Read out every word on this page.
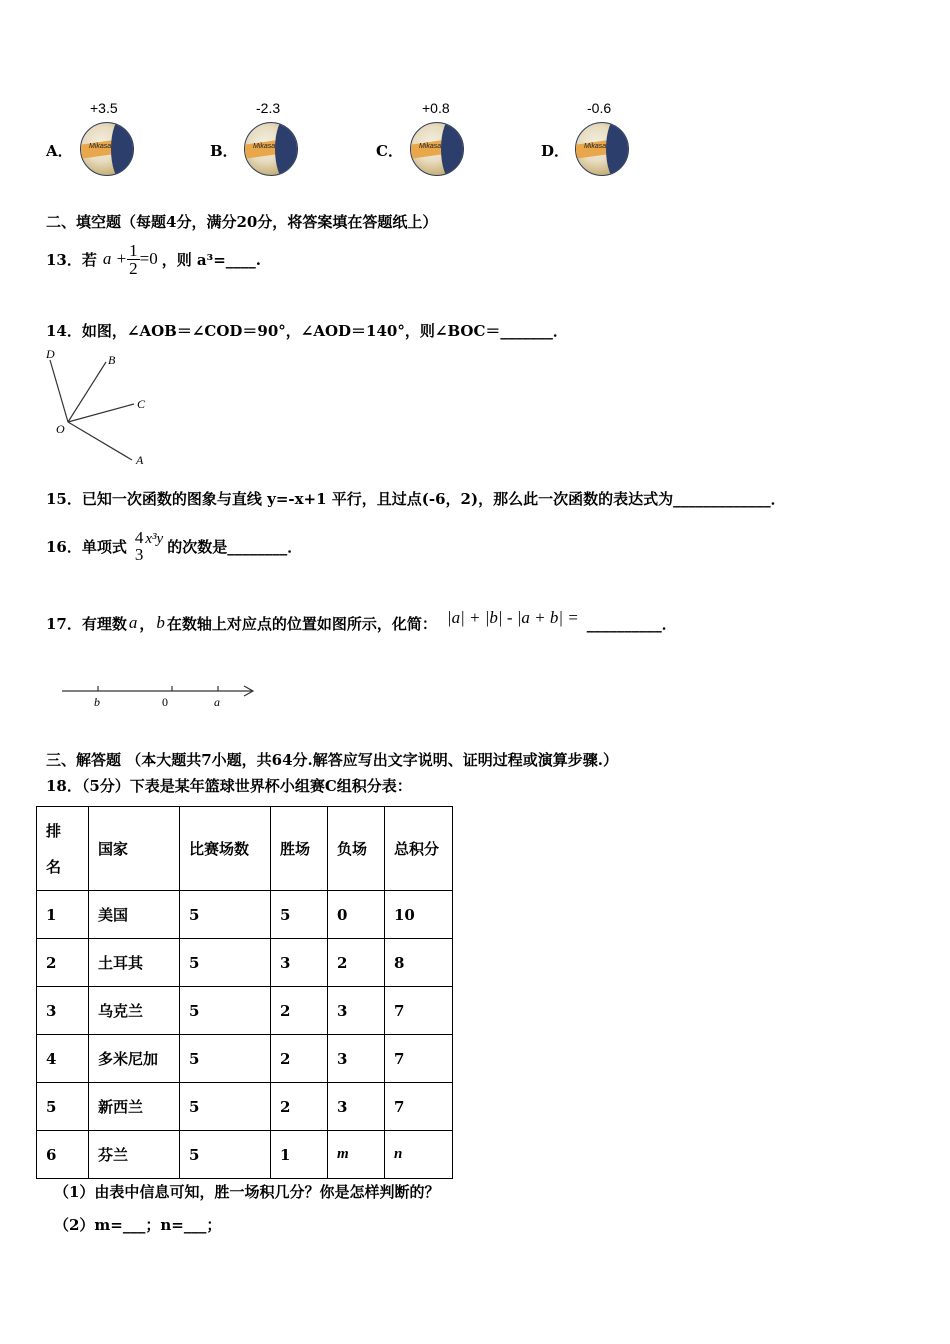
A．
+3.5
Mikasa	B．
-2.3
Mikasa	C．
+0.8
Mikasa	D．
-0.6
Mikasa
二、填空题（每题4分，满分20分，将答案填在答题纸上）
13．若 $a + \frac{1}{2} =0$ ，则 a³=____.
14．如图，∠AOB＝∠COD＝90°，∠AOD＝140°，则∠BOC＝_______．
D	B
C
O
A
15．已知一次函数的图象与直线 y=-x+1 平行，且过点(-6，2)，那么此一次函数的表达式为_____________．
16．单项式 4
3
x³y 的次数是________．
17．有理数 a ， b 在数轴上对应点的位置如图所示，化简： |a| + |b| - |a + b| = __________．
b	0	a
三、解答题 （本大题共7小题，共64分.解答应写出文字说明、证明过程或演算步骤.）
18．（5分）下表是某年篮球世界杯小组赛C组积分表：
排
名	国家	比赛场数	胜场	负场	总积分
1	美国	5	5	0	10
2	土耳其	5	3	2	8
3	乌克兰	5	2	3	7
4	多米尼加	5	2	3	7
5	新西兰	5	2	3	7
6	芬兰	5	1	m	n
（1）由表中信息可知，胜一场积几分？你是怎样判断的？
（2）m=___；n=___；
